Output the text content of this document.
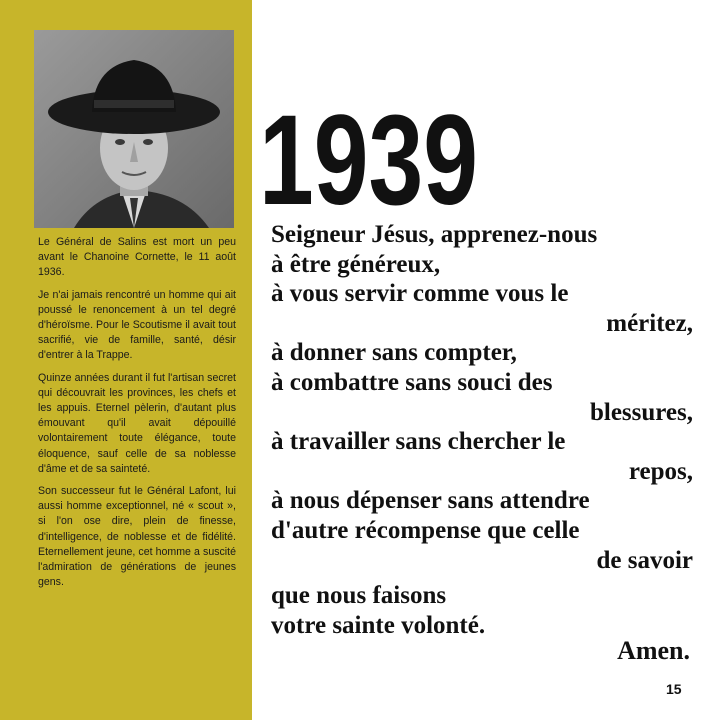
Le Général de Salins est mort un peu avant le Chanoine Cornette, le 11 août 1936.

Je n'ai jamais rencontré un homme qui ait poussé le renoncement à un tel degré d'héroïsme. Pour le Scoutisme il avait tout sacrifié, vie de famille, santé, désir d'entrer à la Trappe.

Quinze années durant il fut l'artisan secret qui découvrait les provinces, les chefs et les appuis. Eternel pèlerin, d'autant plus émouvant qu'il avait dépouillé volontairement toute élégance, toute éloquence, sauf celle de sa noblesse d'âme et de sa sainteté.

Son successeur fut le Général Lafont, lui aussi homme exceptionnel, né « scout », si l'on ose dire, plein de finesse, d'intelligence, de noblesse et de fidélité. Eternellement jeune, cet homme a suscité l'admiration de générations de jeunes gens.

1939
Seigneur Jésus, apprenez-nous
à être généreux,
à vous servir comme vous le
méritez,
à donner sans compter,
à combattre sans souci des
blessures,
à travailler sans chercher le
repos,
à nous dépenser sans attendre
d'autre récompense que celle
de savoir
que nous faisons
votre sainte volonté.
Amen.
15
